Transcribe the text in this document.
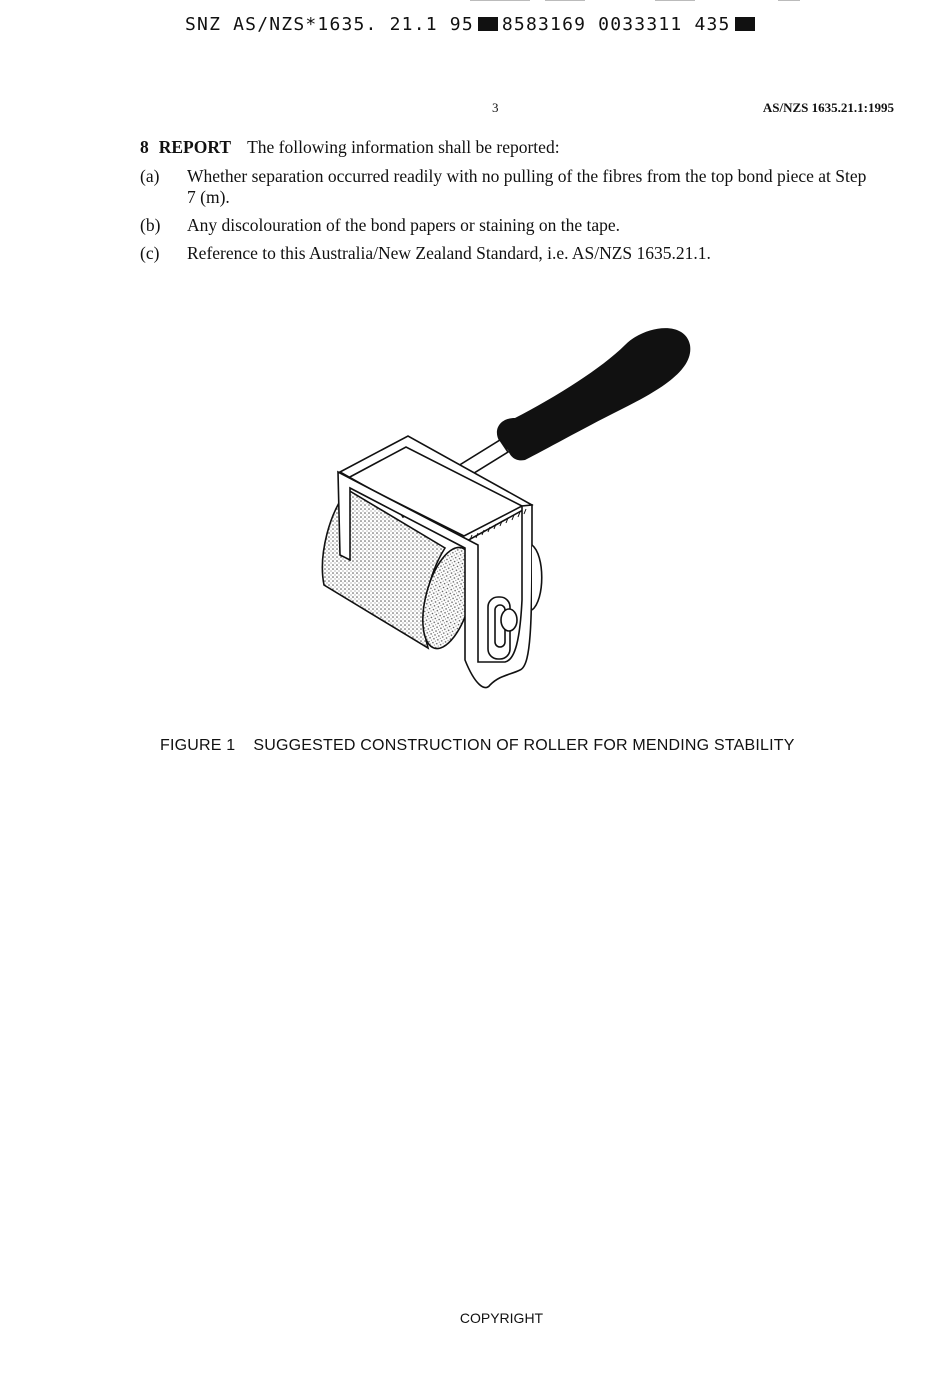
SNZ AS/NZS*1635. 21.1 95 8583169 0033311 435
3	AS/NZS 1635.21.1:1995
8 REPORT The following information shall be reported:
(a) Whether separation occurred readily with no pulling of the fibres from the top bond piece at Step 7 (m).
(b) Any discolouration of the bond papers or staining on the tape.
(c) Reference to this Australia/New Zealand Standard, i.e. AS/NZS 1635.21.1.
FIGURE 1 SUGGESTED CONSTRUCTION OF ROLLER FOR MENDING STABILITY
COPYRIGHT
